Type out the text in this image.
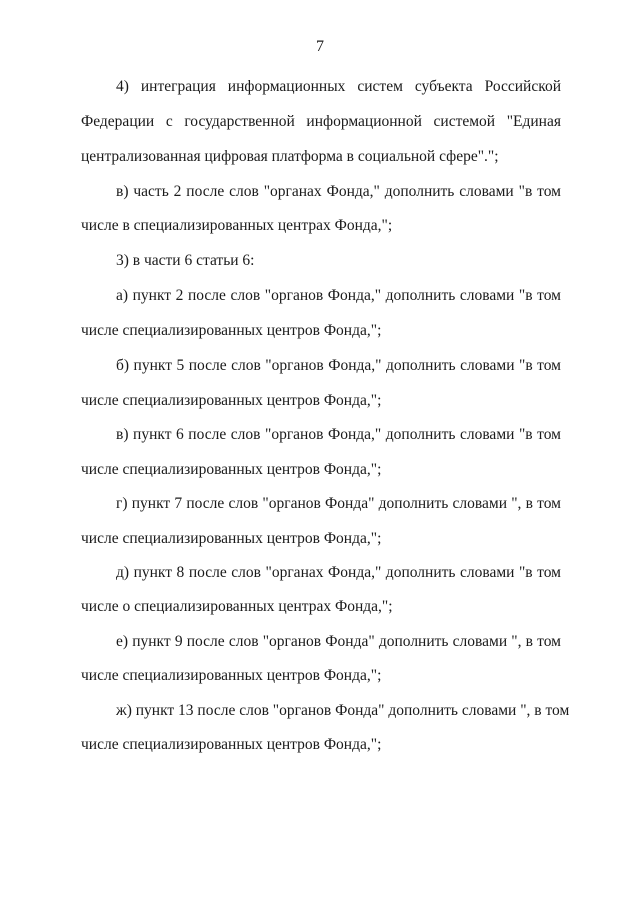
7
4) интеграция информационных систем субъекта Российской
Федерации с государственной информационной системой "Единая
централизованная цифровая платформа в социальной сфере".";
в) часть 2 после слов "органах Фонда," дополнить словами "в том
числе в специализированных центрах Фонда,";
3) в части 6 статьи 6:
а) пункт 2 после слов "органов Фонда," дополнить словами "в том
числе специализированных центров Фонда,";
б) пункт 5 после слов "органов Фонда," дополнить словами "в том
числе специализированных центров Фонда,";
в) пункт 6 после слов "органов Фонда," дополнить словами "в том
числе специализированных центров Фонда,";
г) пункт 7 после слов "органов Фонда" дополнить словами ", в том
числе специализированных центров Фонда,";
д) пункт 8 после слов "органах Фонда," дополнить словами "в том
числе о специализированных центрах Фонда,";
е) пункт 9 после слов "органов Фонда" дополнить словами ", в том
числе специализированных центров Фонда,";
ж) пункт 13 после слов "органов Фонда" дополнить словами ", в том
числе специализированных центров Фонда,";
